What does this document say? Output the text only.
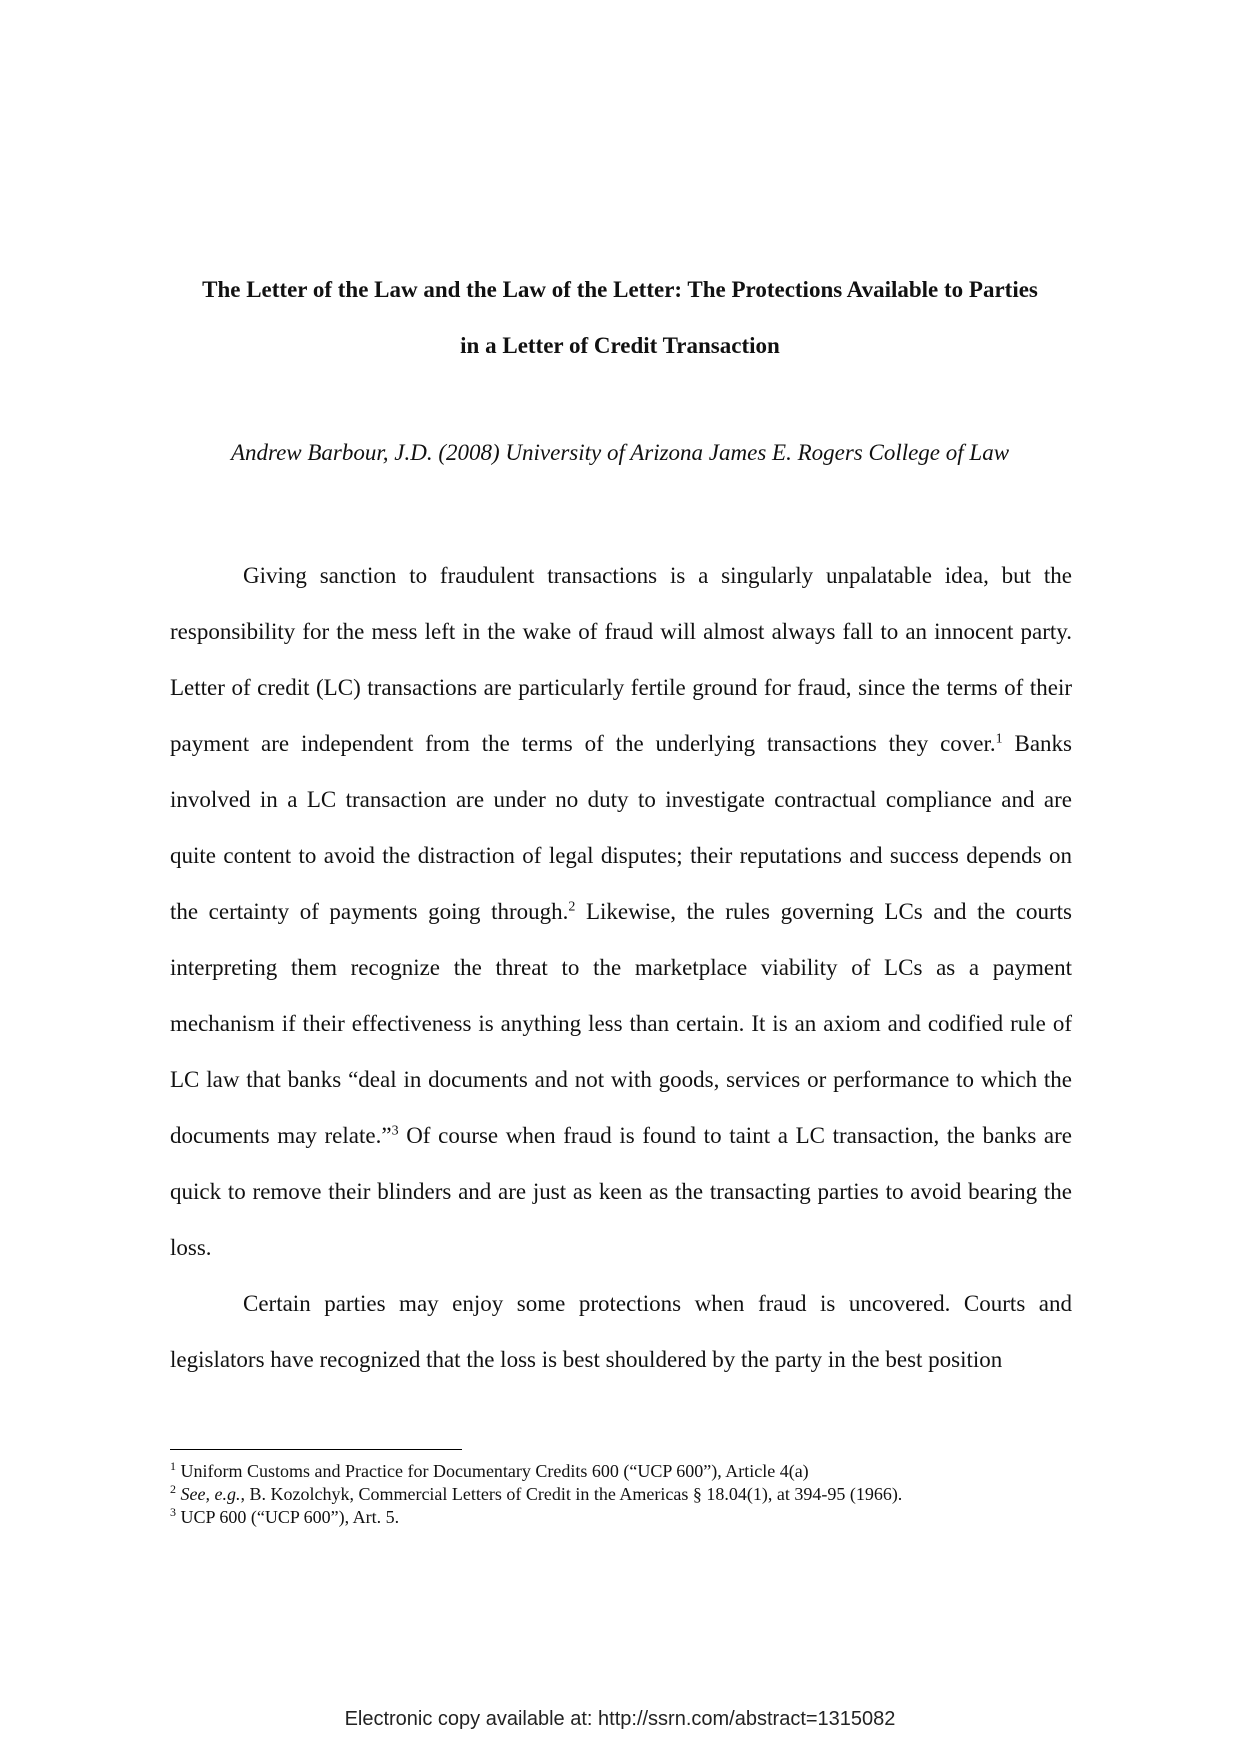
The Letter of the Law and the Law of the Letter: The Protections Available to Parties
in a Letter of Credit Transaction

Andrew Barbour, J.D. (2008) University of Arizona James E. Rogers College of Law

Giving sanction to fraudulent transactions is a singularly unpalatable idea, but the responsibility for the mess left in the wake of fraud will almost always fall to an innocent party. Letter of credit (LC) transactions are particularly fertile ground for fraud, since the terms of their payment are independent from the terms of the underlying transactions they cover.$^1$ Banks involved in a LC transaction are under no duty to investigate contractual compliance and are quite content to avoid the distraction of legal disputes; their reputations and success depends on the certainty of payments going through.$^2$ Likewise, the rules governing LCs and the courts interpreting them recognize the threat to the marketplace viability of LCs as a payment mechanism if their effectiveness is anything less than certain. It is an axiom and codified rule of LC law that banks “deal in documents and not with goods, services or performance to which the documents may relate.”$^3$ Of course when fraud is found to taint a LC transaction, the banks are quick to remove their blinders and are just as keen as the transacting parties to avoid bearing the loss.

Certain parties may enjoy some protections when fraud is uncovered. Courts and legislators have recognized that the loss is best shouldered by the party in the best position

$^1$ Uniform Customs and Practice for Documentary Credits 600 (“UCP 600”), Article 4(a)
$^2$ See, e.g., B. Kozolchyk, Commercial Letters of Credit in the Americas § 18.04(1), at 394-95 (1966).
$^3$ UCP 600 (“UCP 600”), Art. 5.
Electronic copy available at: http://ssrn.com/abstract=1315082
